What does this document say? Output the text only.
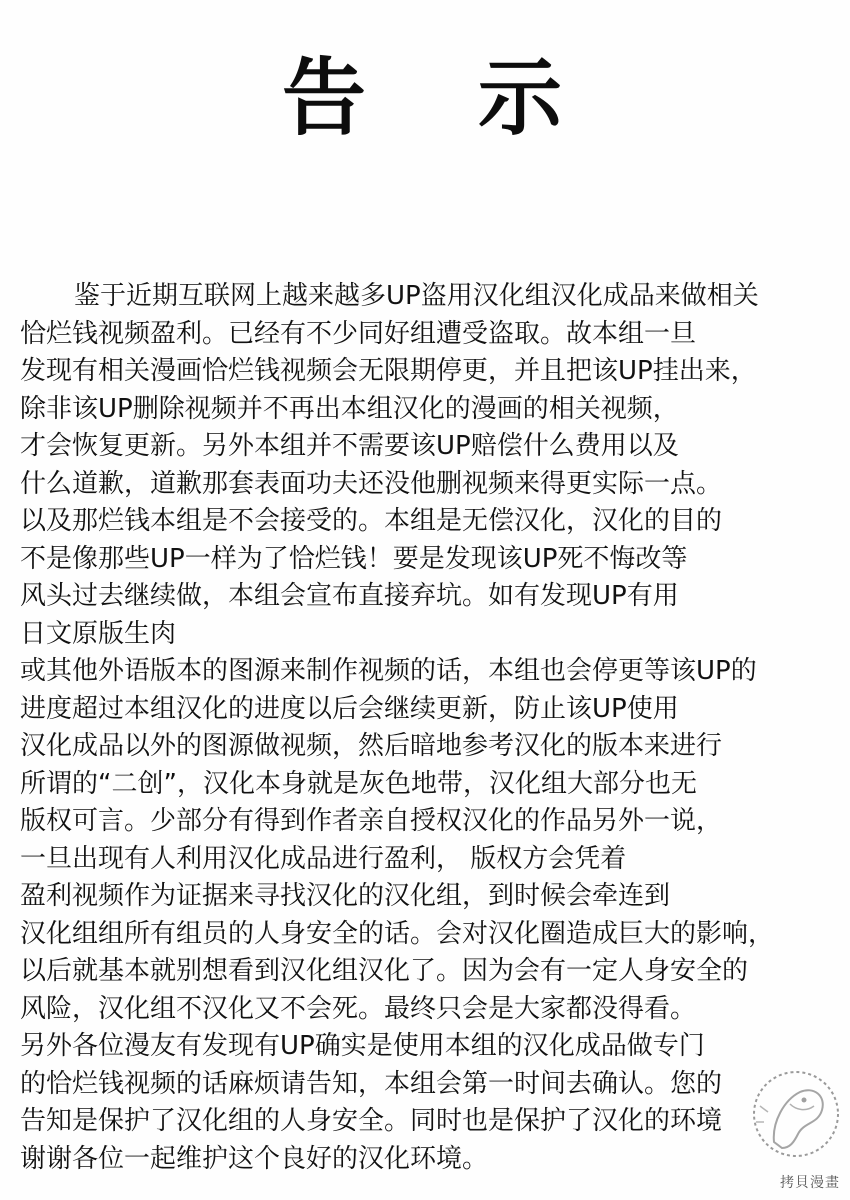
告 示
鉴于近期互联网上越来越多UP盗用汉化组汉化成品来做相关
恰烂钱视频盈利。已经有不少同好组遭受盗取。故本组一旦
发现有相关漫画恰烂钱视频会无限期停更，并且把该UP挂出来，
除非该UP删除视频并不再出本组汉化的漫画的相关视频，
才会恢复更新。另外本组并不需要该UP赔偿什么费用以及
什么道歉，道歉那套表面功夫还没他删视频来得更实际一点。
以及那烂钱本组是不会接受的。本组是无偿汉化，汉化的目的
不是像那些UP一样为了恰烂钱！要是发现该UP死不悔改等
风头过去继续做，本组会宣布直接弃坑。如有发现UP有用
日文原版生肉
或其他外语版本的图源来制作视频的话，本组也会停更等该UP的
进度超过本组汉化的进度以后会继续更新，防止该UP使用
汉化成品以外的图源做视频，然后暗地参考汉化的版本来进行
所谓的“二创”，汉化本身就是灰色地带，汉化组大部分也无
版权可言。少部分有得到作者亲自授权汉化的作品另外一说，
一旦出现有人利用汉化成品进行盈利， 版权方会凭着
盈利视频作为证据来寻找汉化的汉化组，到时候会牵连到
汉化组组所有组员的人身安全的话。会对汉化圈造成巨大的影响，
以后就基本就别想看到汉化组汉化了。因为会有一定人身安全的
风险，汉化组不汉化又不会死。最终只会是大家都没得看。
另外各位漫友有发现有UP确实是使用本组的汉化成品做专门
的恰烂钱视频的话麻烦请告知，本组会第一时间去确认。您的
告知是保护了汉化组的人身安全。同时也是保护了汉化的环境
谢谢各位一起维护这个良好的汉化环境。
拷貝漫畫
